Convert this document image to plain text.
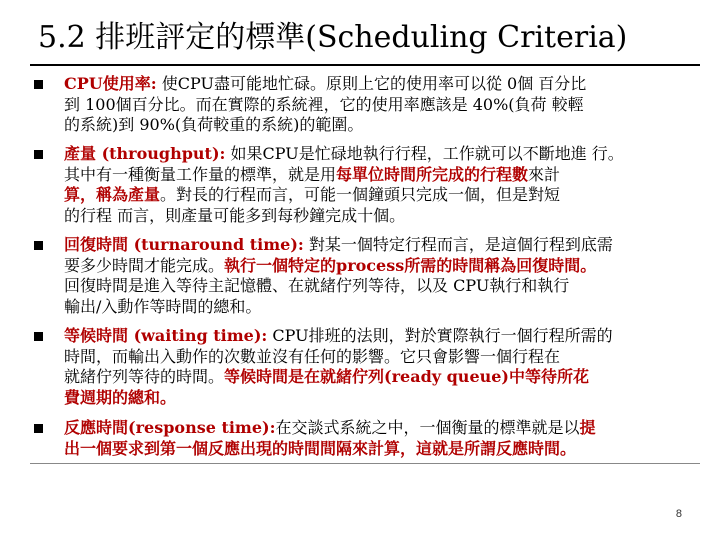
5.2 排班評定的標準(Scheduling Criteria)
CPU使用率: 使CPU盡可能地忙碌。原則上它的使用率可以從 0個 百分比
到 100個百分比。而在實際的系統裡，它的使用率應該是 40%(負荷 較輕
的系統)到 90%(負荷較重的系統)的範圍。
產量 (throughput): 如果CPU是忙碌地執行行程，工作就可以不斷地進 行。
其中有一種衡量工作量的標準，就是用每單位時間所完成的行程數來計
算，稱為產量。對長的行程而言，可能一個鐘頭只完成一個，但是對短
的行程 而言，則產量可能多到每秒鐘完成十個。
回復時間 (turnaround time): 對某一個特定行程而言，是這個行程到底需
要多少時間才能完成。執行一個特定的process所需的時間稱為回復時間。
回復時間是進入等待主記憶體、在就緒佇列等待，以及 CPU執行和執行
輸出/入動作等時間的總和。
等候時間 (waiting time): CPU排班的法則，對於實際執行一個行程所需的
時間，而輸出入動作的次數並沒有任何的影響。它只會影響一個行程在
就緒佇列等待的時間。等候時間是在就緒佇列(ready queue)中等待所花
費週期的總和。
反應時間(response time):在交談式系統之中，一個衡量的標準就是以提
出一個要求到第一個反應出現的時間間隔來計算，這就是所謂反應時間。
8
